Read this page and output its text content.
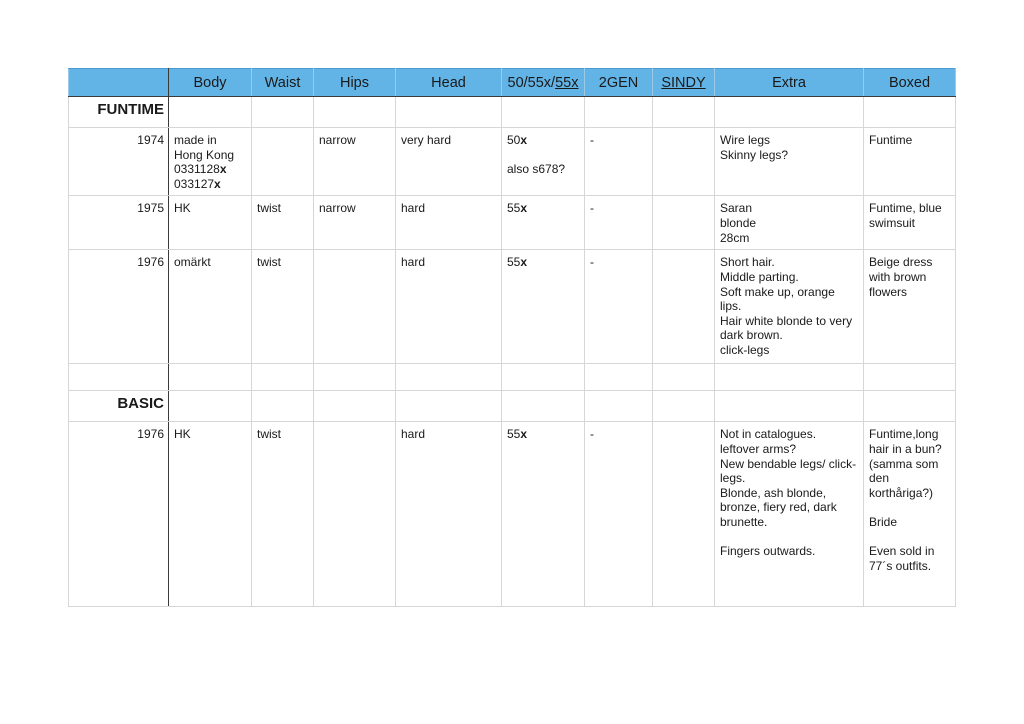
	Body	Waist	Hips	Head	50/55x/55x	2GEN	SINDY	Extra	Boxed
FUNTIME									
1974	made in
Hong Kong
0331128x
033127x		narrow	very hard	50x
also s678?	-		Wire legs
Skinny legs?	Funtime
1975	HK	twist	narrow	hard	55x	-		Saran
blonde
28cm	Funtime, blue swimsuit
1976	omärkt	twist		hard	55x	-		Short hair.
Middle parting.
Soft make up, orange lips.
Hair white blonde to very dark brown.
click-legs	Beige dress with brown flowers

BASIC									
1976	HK	twist		hard	55x	-		Not in catalogues.
leftover arms?
New bendable legs/ click-legs.
Blonde, ash blonde, bronze, fiery red, dark brunette.
Fingers outwards.	Funtime,long hair in a bun? (samma som den korthåriga?)
Bride
Even sold in 77´s outfits.
